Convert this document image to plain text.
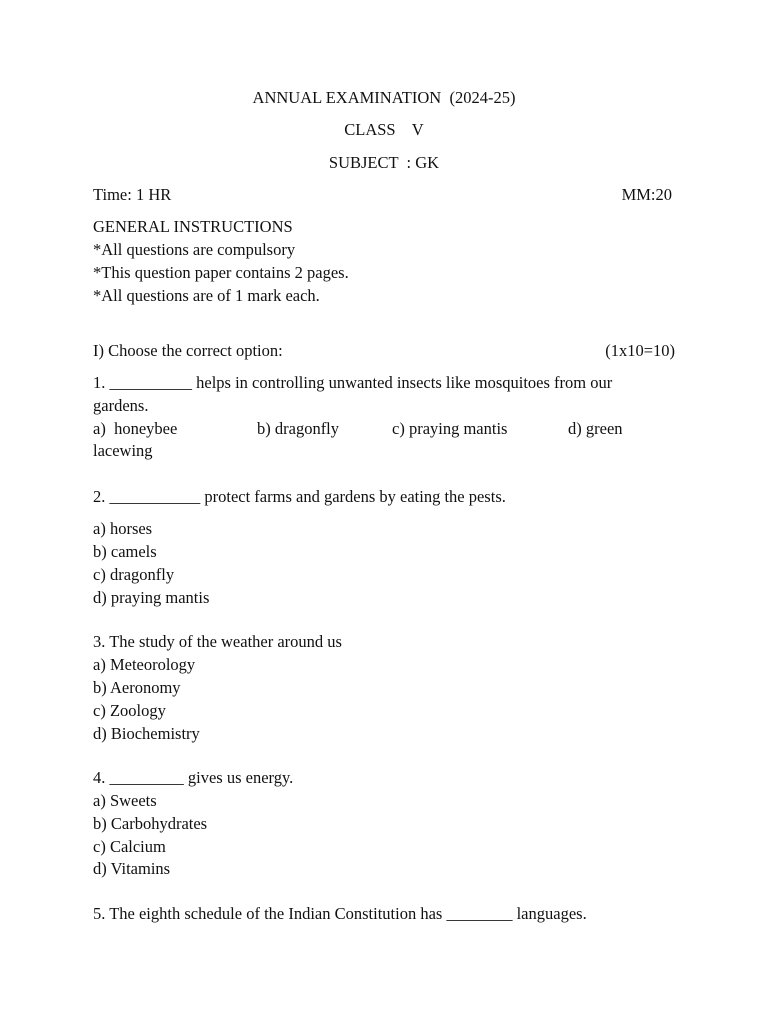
ANNUAL EXAMINATION  (2024-25)
CLASS    V
SUBJECT  : GK
Time: 1 HR	MM:20
GENERAL INSTRUCTIONS
*All questions are compulsory
*This question paper contains 2 pages.
*All questions are of 1 mark each.
I) Choose the correct option:	(1x10=10)
1. __________ helps in controlling unwanted insects like mosquitoes from our
gardens.
a)  honeybee	b) dragonfly	c) praying mantis	d) green
lacewing
2. ___________ protect farms and gardens by eating the pests.
a) horses
b) camels
c) dragonfly
d) praying mantis
3. The study of the weather around us
a) Meteorology
b) Aeronomy
c) Zoology
d) Biochemistry
4. _________ gives us energy.
a) Sweets
b) Carbohydrates
c) Calcium
d) Vitamins
5. The eighth schedule of the Indian Constitution has ________ languages.
